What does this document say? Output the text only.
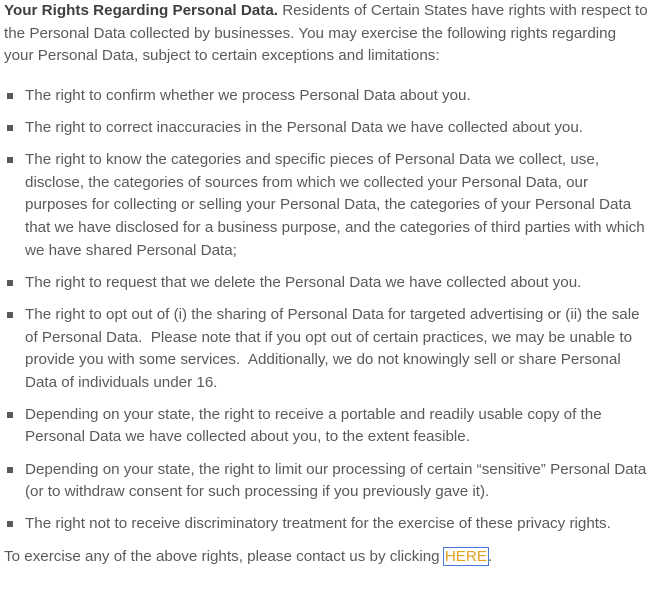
Your Rights Regarding Personal Data. Residents of Certain States have rights with respect to the Personal Data collected by businesses. You may exercise the following rights regarding your Personal Data, subject to certain exceptions and limitations:

The right to confirm whether we process Personal Data about you.
The right to correct inaccuracies in the Personal Data we have collected about you.
The right to know the categories and specific pieces of Personal Data we collect, use, disclose, the categories of sources from which we collected your Personal Data, our purposes for collecting or selling your Personal Data, the categories of your Personal Data that we have disclosed for a business purpose, and the categories of third parties with which we have shared Personal Data;
The right to request that we delete the Personal Data we have collected about you.
The right to opt out of (i) the sharing of Personal Data for targeted advertising or (ii) the sale of Personal Data.  Please note that if you opt out of certain practices, we may be unable to provide you with some services.  Additionally, we do not knowingly sell or share Personal Data of individuals under 16.
Depending on your state, the right to receive a portable and readily usable copy of the Personal Data we have collected about you, to the extent feasible.
Depending on your state, the right to limit our processing of certain “sensitive” Personal Data (or to withdraw consent for such processing if you previously gave it).
The right not to receive discriminatory treatment for the exercise of these privacy rights.

To exercise any of the above rights, please contact us by clicking HERE.
